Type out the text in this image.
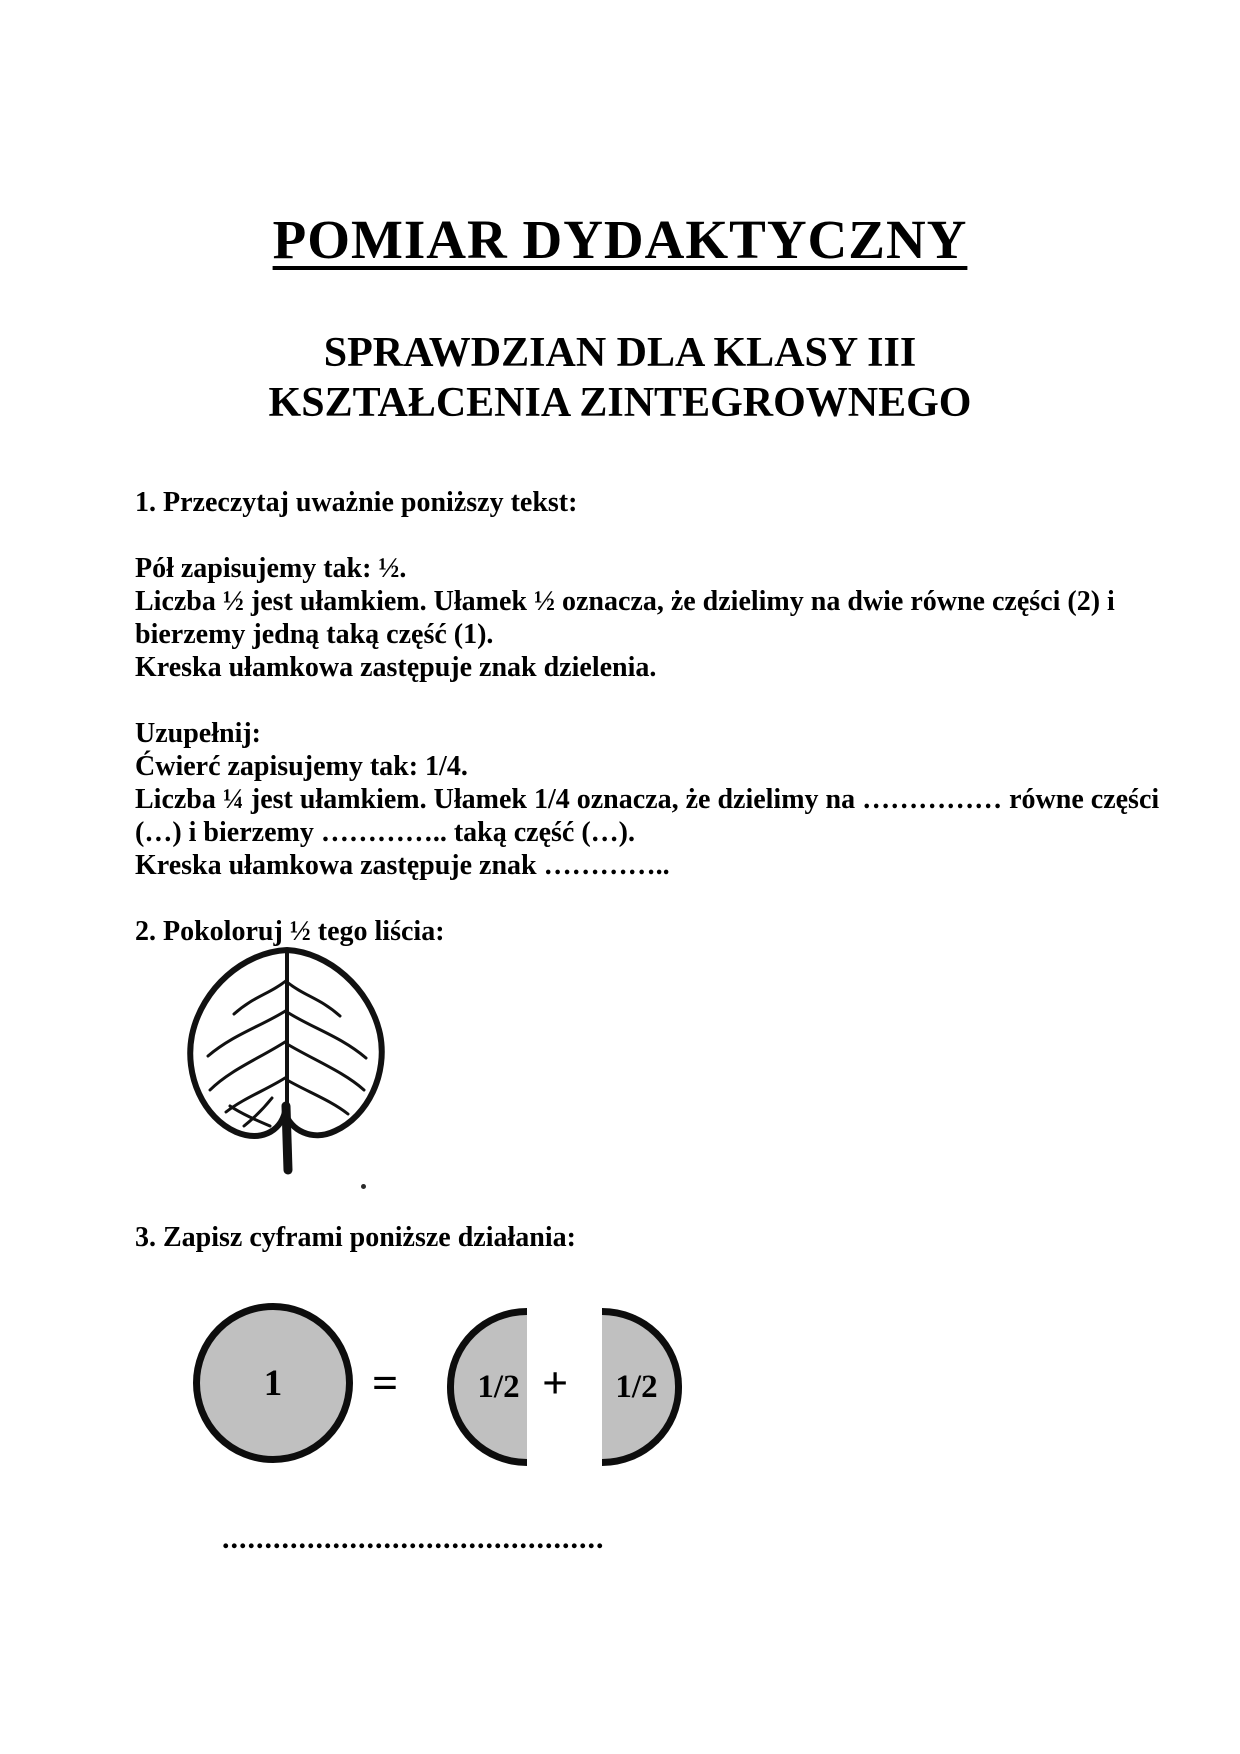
POMIAR DYDAKTYCZNY
SPRAWDZIAN DLA KLASY III
KSZTAŁCENIA ZINTEGROWNEGO
1. Przeczytaj uważnie poniższy tekst:
Pół zapisujemy tak: ½.
Liczba ½ jest ułamkiem. Ułamek ½ oznacza, że dzielimy na dwie równe części (2) i
bierzemy jedną taką część (1).
Kreska ułamkowa zastępuje znak dzielenia.
Uzupełnij:
Ćwierć zapisujemy tak: 1/4.
Liczba ¼ jest ułamkiem. Ułamek 1/4 oznacza, że dzielimy na …………… równe części
(…) i bierzemy ………….. taką część (…).
Kreska ułamkowa zastępuje znak …………..
2. Pokoloruj ½ tego liścia:
3. Zapisz cyframi poniższe działania:
1 = 1/2 + 1/2
.............................................
